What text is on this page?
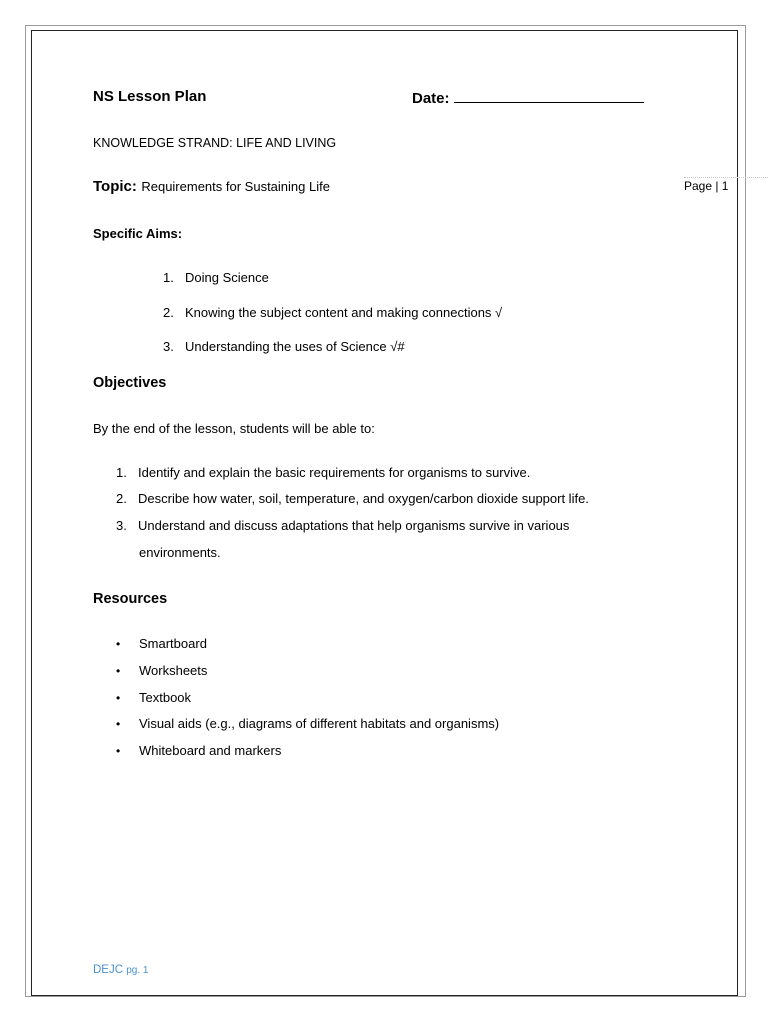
NS Lesson Plan	Date:
KNOWLEDGE STRAND: LIFE AND LIVING
Topic: Requirements for Sustaining Life	Page | 1
Specific Aims:
1. Doing Science
2. Knowing the subject content and making connections √
3. Understanding the uses of Science √#
Objectives
By the end of the lesson, students will be able to:
1. Identify and explain the basic requirements for organisms to survive.
2. Describe how water, soil, temperature, and oxygen/carbon dioxide support life.
3. Understand and discuss adaptations that help organisms survive in various
environments.
Resources
• Smartboard
• Worksheets
• Textbook
• Visual aids (e.g., diagrams of different habitats and organisms)
• Whiteboard and markers
DEJC pg. 1
